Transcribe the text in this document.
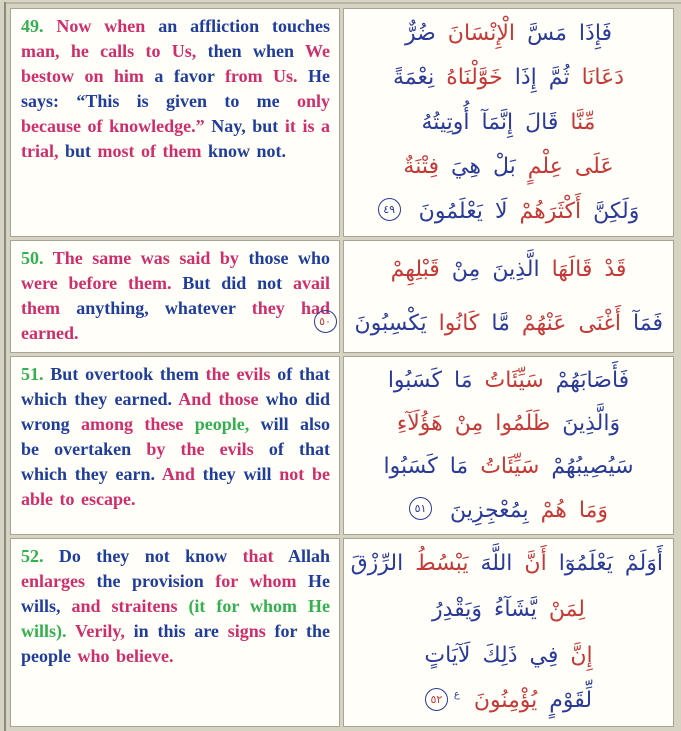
49. Now when an affliction touches man, he calls to Us, then when We bestow on him a favor from Us. He says: “This is given to me only because of knowledge.” Nay, but it is a trial, but most of them know not.
فَإِذَا مَسَّ الْإِنْسَانَ ضُرٌّ
دَعَانَا ثُمَّ إِذَا خَوَّلْنَاهُ نِعْمَةً
مِّنَّا قَالَ إِنَّمَآ أُوتِيتُهُ
عَلَى عِلْمٍ بَلْ هِيَ فِتْنَةٌ
وَلَكِنَّ أَكْثَرَهُمْ لَا يَعْلَمُونَ ٤٩
50. The same was said by those who were before them. But did not avail them anything, whatever they had earned.
قَدْ قَالَهَا الَّذِينَ مِنْ قَبْلِهِمْ
فَمَآ أَغْنَى عَنْهُمْ مَّا كَانُوا يَكْسِبُونَ ٥٠
51. But overtook them the evils of that which they earned. And those who did wrong among these people, will also be overtaken by the evils of that which they earn. And they will not be able to escape.
فَأَصَابَهُمْ سَيِّئَاتُ مَا كَسَبُوا
وَالَّذِينَ ظَلَمُوا مِنْ هَؤُلَآءِ
سَيُصِيبُهُمْ سَيِّئَاتُ مَا كَسَبُوا
وَمَا هُمْ بِمُعْجِزِينَ ٥١
52. Do they not know that Allah enlarges the provision for whom He wills, and straitens (it for whom He wills). Verily, in this are signs for the people who believe.
أَوَلَمْ يَعْلَمُوٓا أَنَّ اللَّهَ يَبْسُطُ الرِّزْقَ
لِمَنْ يَّشَآءُ وَيَقْدِرُ
إِنَّ فِي ذَلِكَ لَآيَاتٍ
لِّقَوْمٍ يُؤْمِنُونَ $^ع$٥٢
